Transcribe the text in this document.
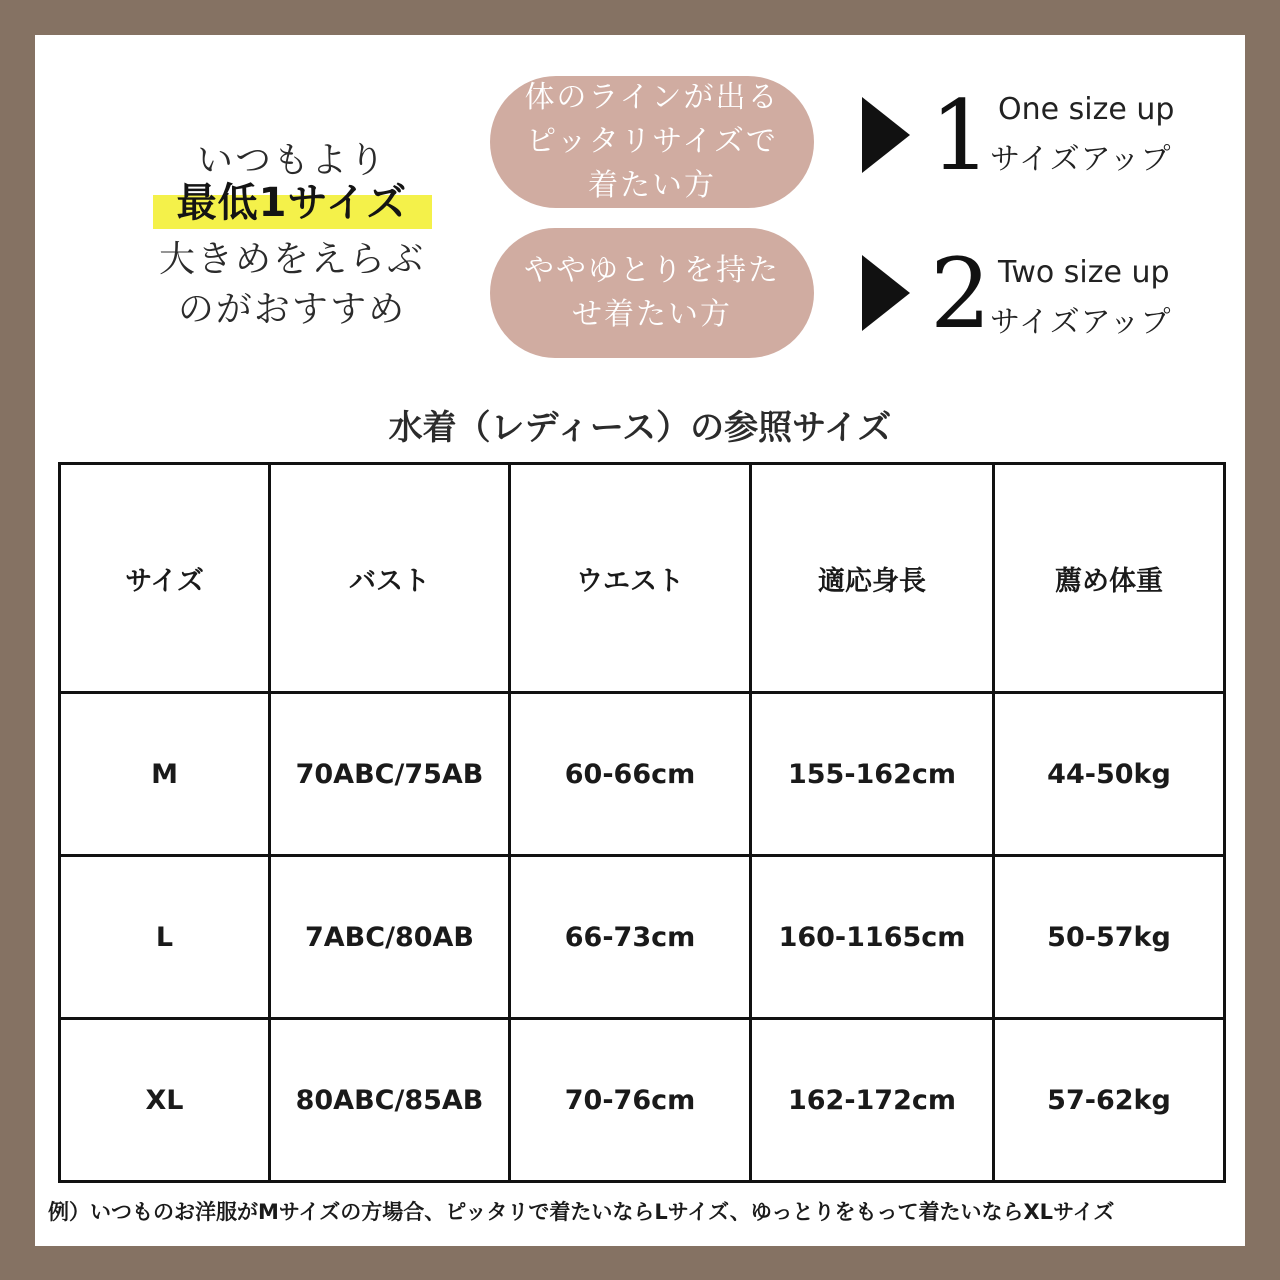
いつもより
最低1サイズ
大きめをえらぶ
のがおすすめ
体のラインが出るピッタリサイズで着たい方	1 One size up
サイズアップ
ややゆとりを持たせ着たい方	2 Two size up
サイズアップ
水着（レディース）の参照サイズ
サイズ	バスト	ウエスト	適応身長	薦め体重
M	70ABC/75AB	60-66cm	155-162cm	44-50kg
L	7ABC/80AB	66-73cm	160-1165cm	50-57kg
XL	80ABC/85AB	70-76cm	162-172cm	57-62kg
例）いつものお洋服がMサイズの方場合、ピッタリで着たいならLサイズ、ゆっとりをもって着たいならXLサイズ
